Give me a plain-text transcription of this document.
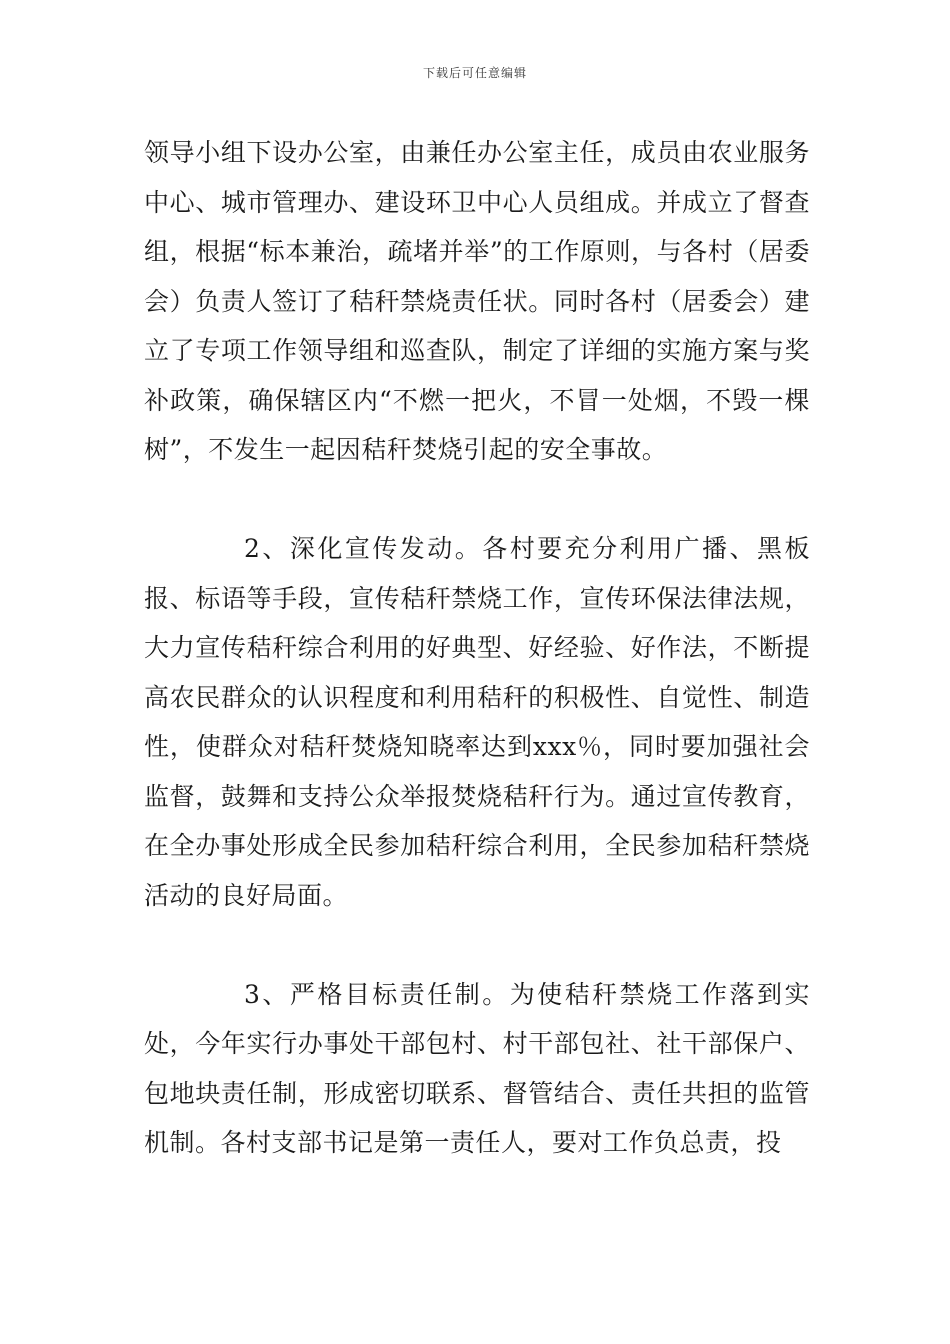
下载后可任意编辑

领导小组下设办公室，由兼任办公室主任，成员由农业服务中心、城市管理办、建设环卫中心人员组成。并成立了督查组，根据“标本兼治，疏堵并举”的工作原则，与各村（居委会）负责人签订了秸秆禁烧责任状。同时各村（居委会）建立了专项工作领导组和巡查队，制定了详细的实施方案与奖补政策，确保辖区内“不燃一把火，不冒一处烟，不毁一棵树”，不发生一起因秸秆焚烧引起的安全事故。

2、深化宣传发动。各村要充分利用广播、黑板报、标语等手段，宣传秸秆禁烧工作，宣传环保法律法规，大力宣传秸秆综合利用的好典型、好经验、好作法，不断提高农民群众的认识程度和利用秸秆的积极性、自觉性、制造性，使群众对秸秆焚烧知晓率达到xxx％，同时要加强社会监督，鼓舞和支持公众举报焚烧秸秆行为。通过宣传教育，在全办事处形成全民参加秸秆综合利用，全民参加秸秆禁烧活动的良好局面。

3、严格目标责任制。为使秸秆禁烧工作落到实处，今年实行办事处干部包村、村干部包社、社干部保户、包地块责任制，形成密切联系、督管结合、责任共担的监管机制。各村支部书记是第一责任人，要对工作负总责，投
